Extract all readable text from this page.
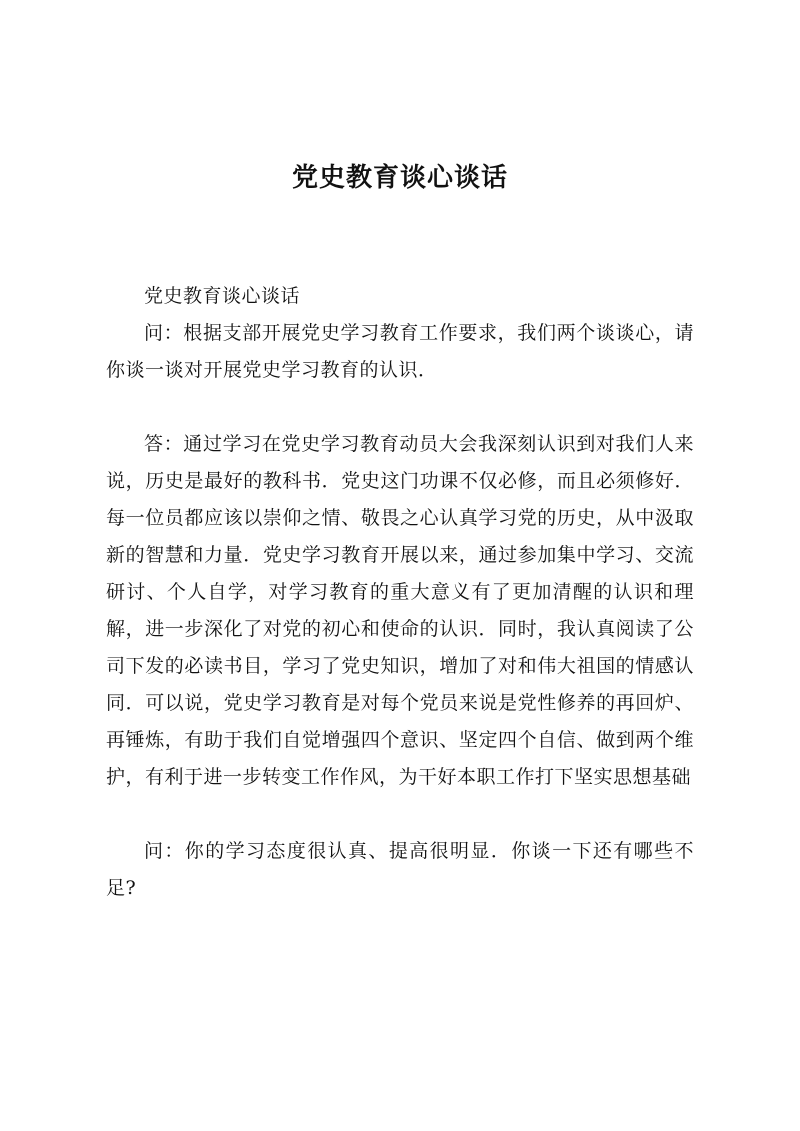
党史教育谈心谈话

党史教育谈心谈话

问：根据支部开展党史学习教育工作要求，我们两个谈谈心，请你谈一谈对开展党史学习教育的认识．

答：通过学习在党史学习教育动员大会我深刻认识到对我们人来说，历史是最好的教科书．党史这门功课不仅必修，而且必须修好．每一位员都应该以崇仰之情、敬畏之心认真学习党的历史，从中汲取新的智慧和力量．党史学习教育开展以来，通过参加集中学习、交流研讨、个人自学，对学习教育的重大意义有了更加清醒的认识和理解，进一步深化了对党的初心和使命的认识．同时，我认真阅读了公司下发的必读书目，学习了党史知识，增加了对和伟大祖国的情感认同．可以说，党史学习教育是对每个党员来说是党性修养的再回炉、再锤炼，有助于我们自觉增强四个意识、坚定四个自信、做到两个维护，有利于进一步转变工作作风，为干好本职工作打下坚实思想基础

问：你的学习态度很认真、提高很明显．你谈一下还有哪些不足?
